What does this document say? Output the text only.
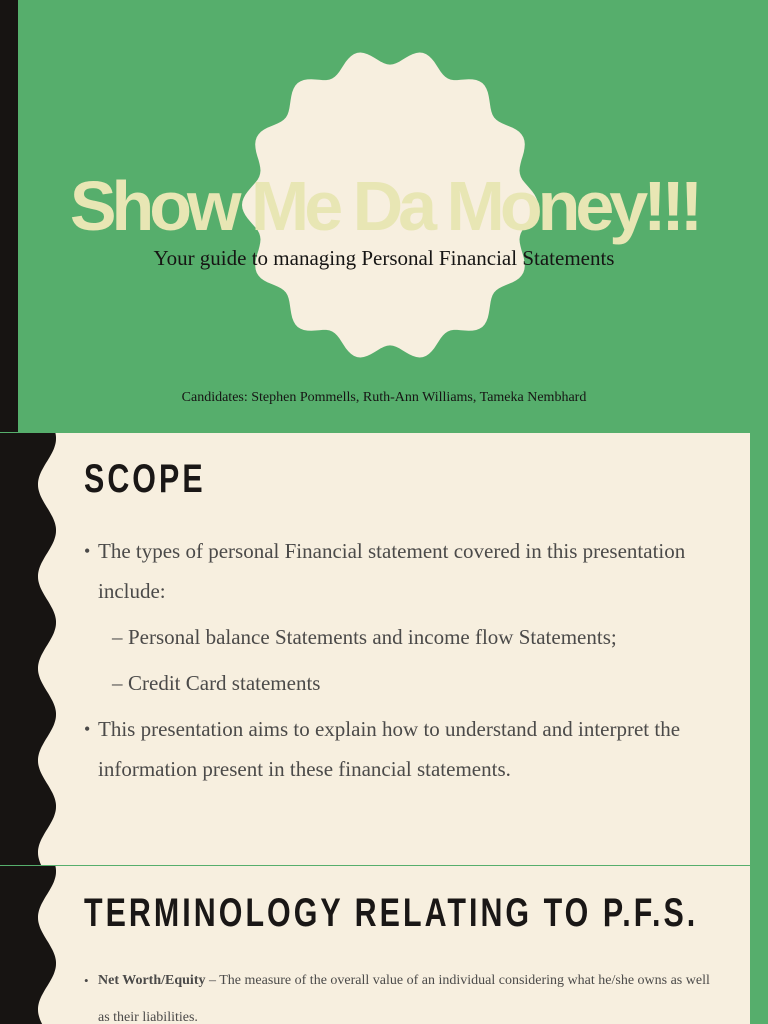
Show Me Da Money!!!
Your guide to managing Personal Financial Statements
Candidates: Stephen Pommells, Ruth-Ann Williams, Tameka Nembhard
SCOPE
• The types of personal Financial statement covered in this presentation include:
– Personal balance Statements and income flow Statements;
– Credit Card statements
• This presentation aims to explain how to understand and interpret the information present in these financial statements.
TERMINOLOGY RELATING TO P.F.S.
• Net Worth/Equity – The measure of the overall value of an individual considering what he/she owns as well as their liabilities.
